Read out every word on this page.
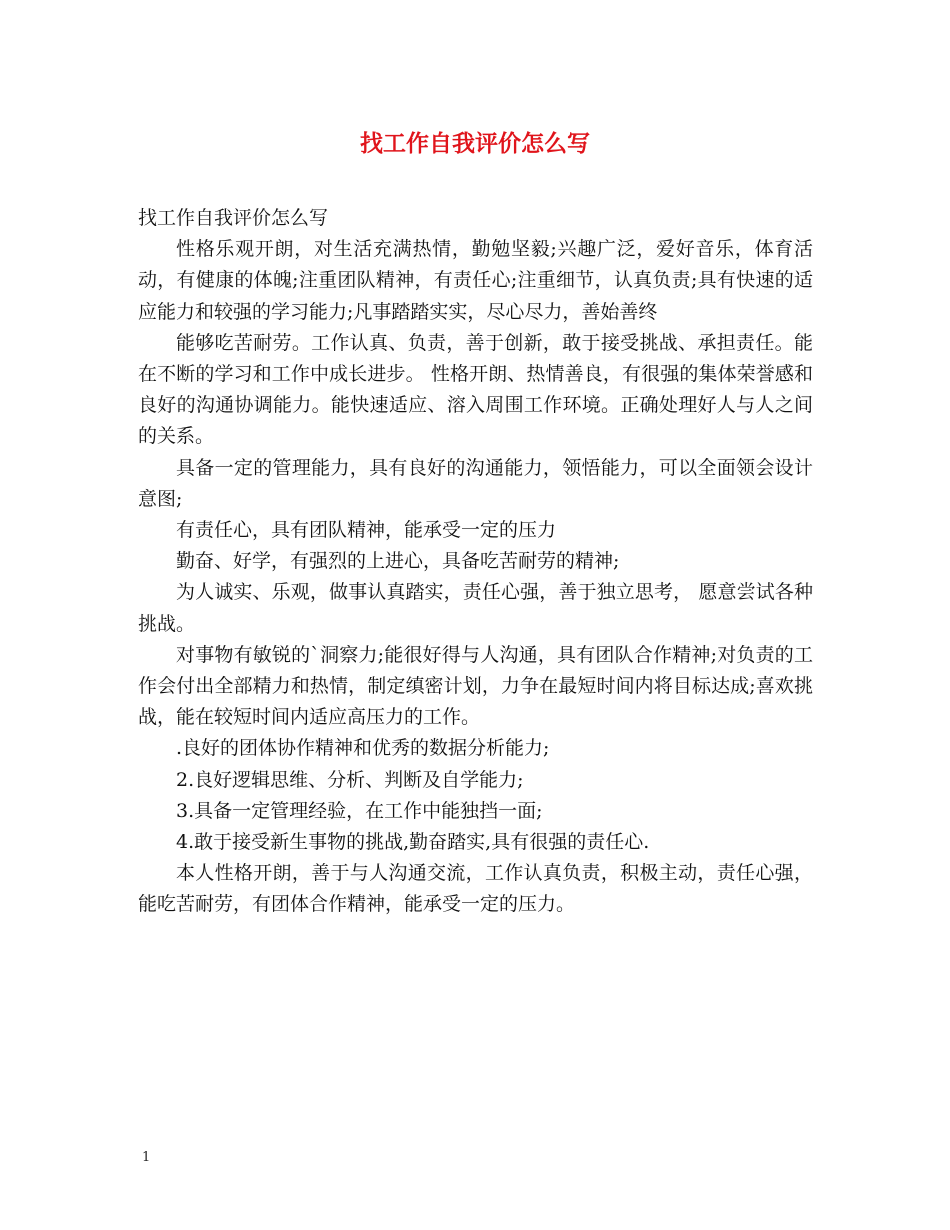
找工作自我评价怎么写

找工作自我评价怎么写

性格乐观开朗，对生活充满热情，勤勉坚毅;兴趣广泛，爱好音乐，体育活动，有健康的体魄;注重团队精神，有责任心;注重细节，认真负责;具有快速的适应能力和较强的学习能力;凡事踏踏实实，尽心尽力，善始善终

能够吃苦耐劳。工作认真、负责，善于创新，敢于接受挑战、承担责任。能在不断的学习和工作中成长进步。 性格开朗、热情善良，有很强的集体荣誉感和良好的沟通协调能力。能快速适应、溶入周围工作环境。正确处理好人与人之间的关系。

具备一定的管理能力，具有良好的沟通能力，领悟能力，可以全面领会设计意图;

有责任心，具有团队精神，能承受一定的压力

勤奋、好学，有强烈的上进心，具备吃苦耐劳的精神;

为人诚实、乐观，做事认真踏实，责任心强，善于独立思考， 愿意尝试各种挑战。

对事物有敏锐的`洞察力;能很好得与人沟通，具有团队合作精神;对负责的工作会付出全部精力和热情，制定缜密计划，力争在最短时间内将目标达成;喜欢挑战，能在较短时间内适应高压力的工作。

.良好的团体协作精神和优秀的数据分析能力;

2.良好逻辑思维、分析、判断及自学能力;

3.具备一定管理经验，在工作中能独挡一面;

4.敢于接受新生事物的挑战,勤奋踏实,具有很强的责任心.

本人性格开朗，善于与人沟通交流，工作认真负责，积极主动，责任心强，能吃苦耐劳，有团体合作精神，能承受一定的压力。

1
